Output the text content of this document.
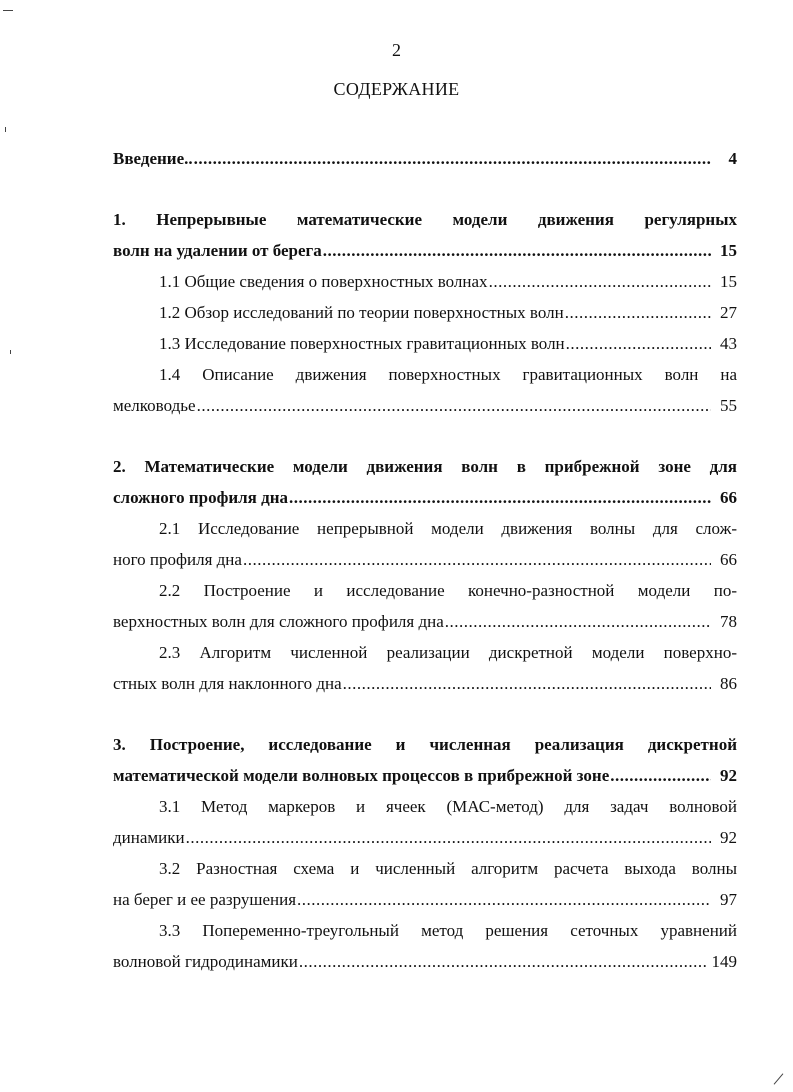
2
СОДЕРЖАНИЕ
Введение.. .....	4
1. Непрерывные математические модели движения регулярных
волн на удалении от берега .....	15
1.1 Общие сведения о поверхностных волнах .....	15
1.2 Обзор исследований по теории поверхностных волн .....	27
1.3 Исследование поверхностных гравитационных волн .....	43
1.4 Описание движения поверхностных гравитационных волн на
мелководье .....	55
2. Математические модели движения волн в прибрежной зоне для
сложного профиля дна .....	66
2.1 Исследование непрерывной модели движения волны для слож-
ного профиля дна .....	66
2.2 Построение и исследование конечно-разностной модели по-
верхностных волн для сложного профиля дна .....	78
2.3 Алгоритм численной реализации дискретной модели поверхно-
стных волн для наклонного дна .....	86
3. Построение, исследование и численная реализация дискретной
математической модели волновых процессов в прибрежной зоне .....	92
3.1 Метод маркеров и ячеек (МАС-метод) для задач волновой
динамики .....	92
3.2 Разностная схема и численный алгоритм расчета выхода волны
на берег и ее разрушения .....	97
3.3 Попеременно-треугольный метод решения сеточных уравнений
волновой гидродинамики .....	149
